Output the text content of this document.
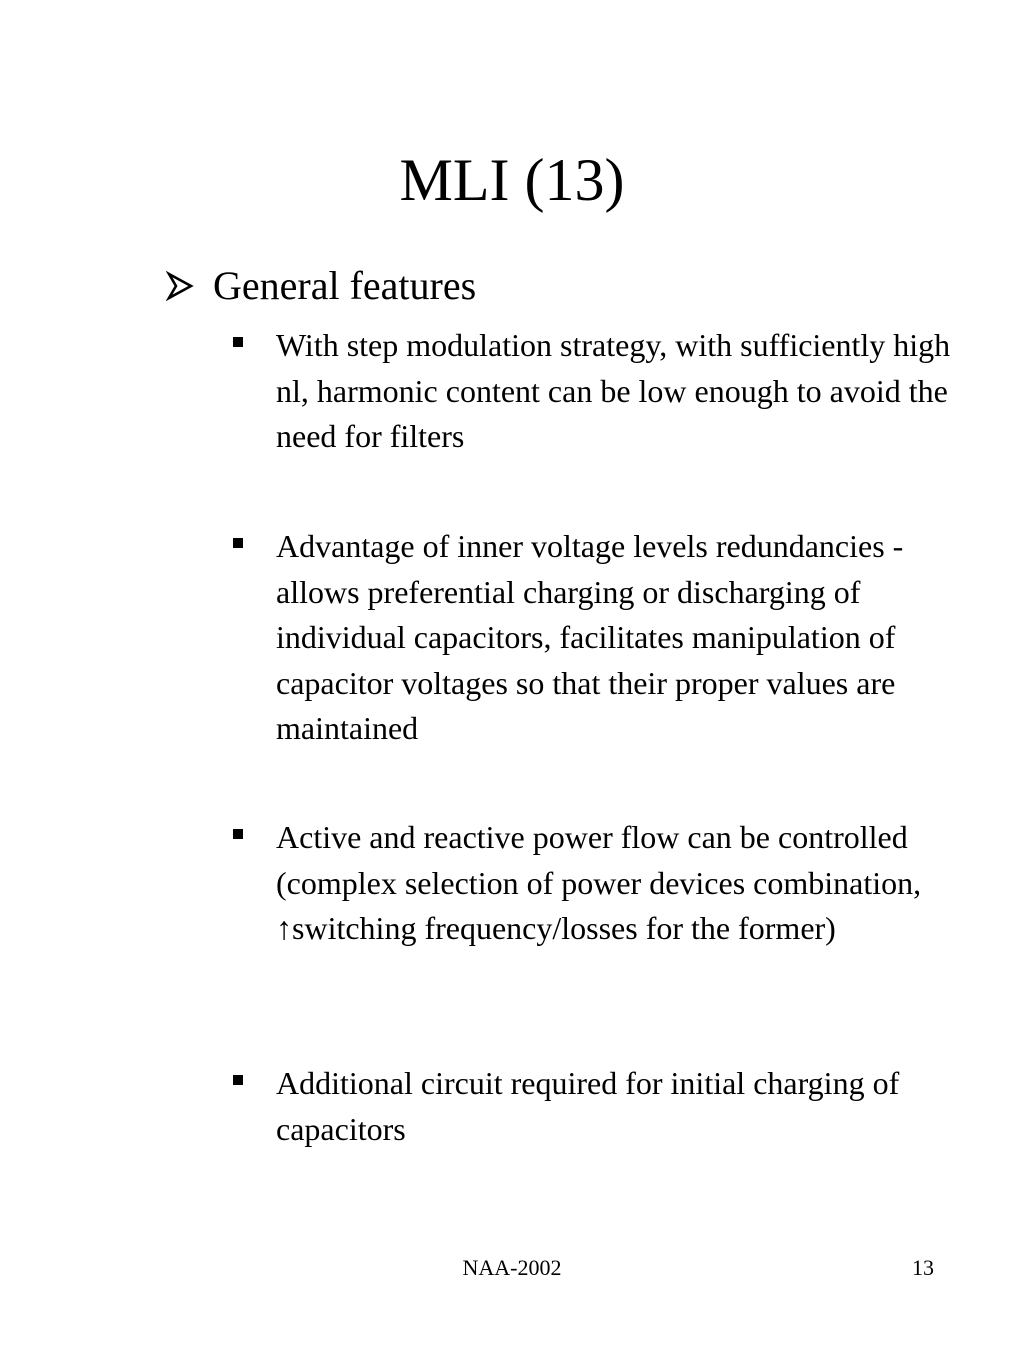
MLI (13)
General features
With step modulation strategy, with sufficiently high nl, harmonic content can be low enough to avoid the need for filters
Advantage of inner voltage levels redundancies - allows preferential charging or discharging of individual capacitors, facilitates manipulation of capacitor voltages so that their proper values are maintained
Active and reactive power flow can be controlled (complex selection of power devices combination, ↑switching frequency/losses for the former)
Additional circuit required for initial charging of capacitors
NAA-2002	13
